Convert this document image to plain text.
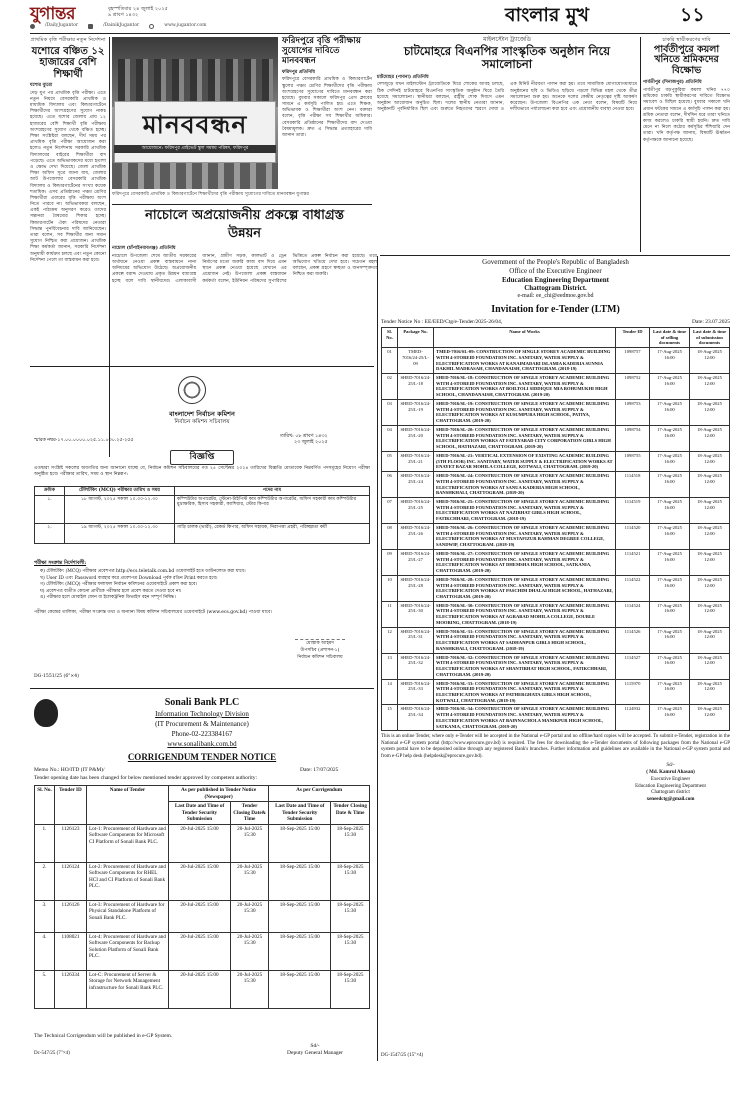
যুগান্তর	বৃহস্পতিবার ২৪ জুলাই ২০২৫
৯ শ্রাবণ ১৪৩২
/DailyJugantor	/DainikJugantor	www.jugantor.com	বাংলার মুখ	১১
প্রাথমিক বৃত্তি পরীক্ষার নতুন নির্দেশনা
যশোরে বঞ্চিত ১২ হাজারের বেশি শিক্ষার্থী
যশোর ব্যুরো
দেড় যুগ পর প্রাথমিক বৃত্তি পরীক্ষা। এতে নতুন নিয়মে বেসরকারি প্রাথমিক ও মাধ্যমিক বিদ্যালয় এবং কিন্ডারগার্টেনে শিক্ষার্থীদের অংশগ্রহণের সুযোগ নাকচ হয়েছে। এতে যশোর জেলায় প্রায় ১২ হাজারের বেশি শিক্ষার্থী বৃত্তি পরীক্ষায় অংশগ্রহণের সুযোগ থেকে বঞ্চিত হচ্ছে। শিক্ষা সংশ্লিষ্টরা বলছেন, দীর্ঘ সময় পর প্রাথমিক বৃত্তি পরীক্ষা আয়োজন করা হলেও নতুন নির্দেশনায় সরকারি প্রাথমিক বিদ্যালয়ের বাইরের শিক্ষার্থীরা বাদ পড়েছে। এতে অভিভাবকদের মধ্যে হতাশা ও ক্ষোভ দেখা দিয়েছে। জেলা প্রাথমিক শিক্ষা অফিস সূত্রে জানা যায়, জেলার আট উপজেলায় বেসরকারি প্রাথমিক বিদ্যালয় ও কিন্ডারগার্টেনের সংখ্যা কয়েক শতাধিক। এসব প্রতিষ্ঠানের পঞ্চম শ্রেণির শিক্ষার্থীরা এবারের বৃত্তি পরীক্ষায় অংশ নিতে পারবে না। অভিভাবকরা বলছেন, একই পাঠ্যক্রম অনুসরণ করেও তাদের সন্তানরা বৈষম্যের শিকার হচ্ছে। কিন্ডারগার্টেন ঐক্য পরিষদের নেতারা সিদ্ধান্ত পুনর্বিবেচনার দাবি জানিয়েছেন। তারা বলেন, সব শিক্ষার্থীর জন্য সমান সুযোগ নিশ্চিত করা প্রয়োজন। প্রাথমিক শিক্ষা কর্মকর্তা জানান, সরকারি নির্দেশনা অনুযায়ী কার্যক্রম চলছে এবং নতুন কোনো নির্দেশনা পেলে তা বাস্তবায়ন করা হবে।
মানববন্ধন
আয়োজনে: ফরিদপুর প্রাইভেট স্কুল সমন্বয় পরিষদ, ফরিদপুর
ফরিদপুরে বৃত্তি পরীক্ষায় সুযোগের দাবিতে মানববন্ধন
ফরিদপুর প্রতিনিধি
ফরিদপুরে বেসরকারি প্রাথমিক ও কিন্ডারগার্টেন স্কুলের পঞ্চম শ্রেণির শিক্ষার্থীদের বৃত্তি পরীক্ষায় অংশগ্রহণের সুযোগের দাবিতে মানববন্ধন করা হয়েছে। বুধবার সকালে ফরিদপুর প্রেস ক্লাবের সামনে এ কর্মসূচি পালিত হয়। এতে শিক্ষক, অভিভাবক ও শিক্ষার্থীরা অংশ নেন। বক্তারা বলেন, বৃত্তি পরীক্ষা সব শিক্ষার্থীর অধিকার। বেসরকারি প্রতিষ্ঠানের শিক্ষার্থীদের বাদ দেওয়া বৈষম্যমূলক। দ্রুত এ সিদ্ধান্ত প্রত্যাহারের দাবি জানান তারা।
ফরিদপুরে বেসরকারি প্রাথমিক ও কিন্ডারগার্টেনে শিক্ষার্থীদের বৃত্তি পরীক্ষায় সুযোগের দাবিতে মানববন্ধন যুগান্তর
মাইলস্টোন ট্র্যাজেডি
চাটমোহরে বিএনপির সাংস্কৃতিক অনুষ্ঠান নিয়ে সমালোচনা
চাটমোহর (পাবনা) প্রতিনিধি
দেশজুড়ে যখন মাইলস্টোন ট্র্যাজেডিকে ঘিরে শোকের আবহ চলছে, ঠিক সেদিনই চাটমোহরে বিএনপির সাংস্কৃতিক অনুষ্ঠান ঘিরে তৈরি হয়েছে সমালোচনা। স্থানীয়রা বলছেন, রাষ্ট্রীয় শোক দিবসে এমন অনুষ্ঠান আয়োজন অনুচিত ছিল। দলের স্থানীয় নেতারা জানান, অনুষ্ঠানটি পূর্বনির্ধারিত ছিল এবং শুরুতে নিহতদের স্মরণে দোয়া ও এক মিনিট নীরবতা পালন করা হয়। তবে সামাজিক যোগাযোগমাধ্যমে অনুষ্ঠানের ছবি ও ভিডিও ছড়িয়ে পড়লে বিভিন্ন মহল থেকে তীব্র সমালোচনা শুরু হয়। অনেকে দলের কেন্দ্রীয় নেতৃত্বের দৃষ্টি আকর্ষণ করেছেন। উপজেলা বিএনপির এক নেতা বলেন, বিষয়টি নিয়ে দলীয়ভাবে পর্যালোচনা করা হবে এবং প্রয়োজনীয় ব্যবস্থা নেওয়া হবে।
চাকরি স্থায়ীকরণের দাবি
পার্বতীপুরে কয়লা খনিতে শ্রমিকদের বিক্ষোভ
পার্বতীপুর (দিনাজপুর) প্রতিনিধি
পার্বতীপুর বড়পুকুরিয়া কয়লা খনির ৭৭০ শ্রমিকের চাকরি স্থায়ীকরণের দাবিতে বিক্ষোভ সমাবেশ ও মিছিল হয়েছে। বুধবার সকালে খনি প্রধান ফটকের সামনে এ কর্মসূচি পালন করা হয়। শ্রমিক নেতারা বলেন, দীর্ঘদিন ধরে তারা খনিতে কাজ করলেও চাকরি স্থায়ী হয়নি। দ্রুত দাবি মেনে না নিলে কঠোর কর্মসূচির হুঁশিয়ারি দেন তারা। খনি কর্তৃপক্ষ জানায়, বিষয়টি ঊর্ধ্বতন কর্তৃপক্ষকে জানানো হয়েছে।
নাচোলে অপ্রয়োজনীয় প্রকল্পে বাধাগ্রস্ত উন্নয়ন
নাচোল (চাঁপাইনবাবগঞ্জ) প্রতিনিধি
নাচোলে উপজেলা শেষে জাতীয় সরকারের অর্থায়নে নেওয়া প্রকল্প বাস্তবায়নে নানা অনিয়মের অভিযোগ উঠেছে। অপ্রয়োজনীয় প্রকল্পে বরাদ্দ দেওয়ায় প্রকৃত উন্নয়ন বাধাগ্রস্ত হচ্ছে বলে দাবি স্থানীয়দের। এলাকাবাসী জানান, গ্রামীণ সড়ক, কালভার্ট ও ড্রেন নির্মাণের মতো জরুরি কাজ বাদ দিয়ে এমন স্থানে প্রকল্প নেওয়া হয়েছে যেখানে এর প্রয়োজন নেই। উপজেলা প্রকল্প বাস্তবায়ন কর্মকর্তা বলেন, ইউনিয়ন পরিষদের সুপারিশের ভিত্তিতে প্রকল্প নির্বাচন করা হয়েছে। তবে অভিযোগ খতিয়ে দেখা হবে। সচেতন মহল বলছেন, প্রকল্প গ্রহণে স্বচ্ছতা ও জনসম্পৃক্ততা নিশ্চিত করা জরুরি।
বাংলাদেশ নির্বাচন কমিশন
নির্বাচন কমিশন সচিবালয়
স্মারক নম্বর-১৭.০০.০০০০.০২৫.১১.০৩০.২৫-২৫৫
তারিখ: ০৮ শ্রাবণ ১৪৩২
২৩ জুলাই ২০২৫
বিজ্ঞপ্তি
এতদ্বারা সংশ্লিষ্ট সকলের অবগতির জন্য জানানো যাচ্ছে যে, নির্বাচন কমিশন সচিবালয়ের গত ২৫ সেপ্টেম্বর ২০২৪ তারিখের বিজ্ঞপ্তি মোতাবেক নিম্নবর্ণিত পদসমূহের নিয়োগ পরীক্ষা অনুষ্ঠিত হবে। পরীক্ষার তারিখ, সময় ও স্থান নিম্নরূপ:
ক্রমিক	টেলিটকিং (MCQ) পরীক্ষার তারিখ ও সময়	পদের নাম
১.	১৮ আগস্ট, ২০২৫ সকাল ১০.৩০-১২.৩০	কম্পিউটার অপারেটর, স্টেনো-টাইপিস্ট কাম কম্পিউটার অপারেটর, অফিস সহকারী কাম কম্পিউটার মুদ্রাক্ষরিক, হিসাব সহকারী, ক্যাশিয়ার, স্টোর কিপার
২.	১৯ আগস্ট, ২০২৫ সকাল ১০.৩০-১২.৩০	গাড়ি চালক (ভারী), রেকর্ড কিপার, অফিস সহায়ক, নিরাপত্তা প্রহরী, পরিচ্ছন্নতা কর্মী
পরীক্ষা সংক্রান্ত নির্দেশাবলী:
ক) টেলিটকিং (MCQ) পরীক্ষার প্রবেশপত্র http://ecs.teletalk.com.bd ওয়েবসাইট হতে ডাউনলোড করা যাবে।
খ) User ID এবং Password ব্যবহার করে প্রবেশপত্র Download পূর্বক রঙিন Print করতে হবে।
গ) টেলিটকিং (MCQ) পরীক্ষার ফলাফল নির্বাচন কমিশনের ওয়েবসাইটে প্রকাশ করা হবে।
ঘ) প্রবেশপত্র ব্যতীত কোনো প্রার্থীকে পরীক্ষার হলে প্রবেশ করতে দেওয়া হবে না।
ঙ) পরীক্ষার হলে মোবাইল ফোন বা ইলেকট্রনিক ডিভাইস বহন সম্পূর্ণ নিষিদ্ধ।
পরীক্ষা কেন্দ্রের তালিকা, পরীক্ষা সংক্রান্ত তথ্য ও অন্যান্য বিষয় কমিশন সচিবালয়ের ওয়েবসাইটে (www.ecs.gov.bd) পাওয়া যাবে।
মোস্তাক আহমদ
উপসচিব (প্রশাসন-১)
নির্বাচন কমিশন সচিবালয়
DG-1551/25 (6"×4)
Sonali Bank PLC
Information Technology Division
(IT Procurement & Maintenance)
Phone-02-223384167
www.sonalibank.com.bd
CORRIGENDUM TENDER NOTICE
Memo No.: HO/ITD (IT P&M)/	Date: 17/07/2025
Tender opening date has been changed for below mentioned tender approved by competent authority:
Sl. No.	Tender ID	Name of Tender	As per published in Tender Notice (Newspaper)		As per Corrigendum	
			Last Date and Time of Tender Security Submission	Tender Closing Date& Time	Last Date and Time of Tender Security Submission	Tender Closing Date & Time
1.	1126123	Lot-1: Procurement of Hardware and Software Components for Microsoft CI Platform of Sonali Bank PLC.	20-Jul-2025 15:00	20-Jul-2025 15:30	18-Sep-2025 15:00	18-Sep-2025 15:30
2.	1126124	Lot-2: Procurement of Hardware and Software Components for RHEL HCI and CI Platform of Sonali Bank PLC.	20-Jul-2025 15:00	20-Jul-2025 15:30	18-Sep-2025 15:00	18-Sep-2025 15:30
3.	1126126	Lot-3: Procurement of Hardware for Physical Standalone Platform of Sonali Bank PLC.	20-Jul-2025 15:00	20-Jul-2025 15:30	18-Sep-2025 15:00	18-Sep-2025 15:30
4.	1108021	Lot-4: Procurement of Hardware and Software Components for Backup Solution Platform of Sonali Bank PLC.	20-Jul-2025 15:00	20-Jul-2025 15:30	18-Sep-2025 15:00	18-Sep-2025 15:30
5.	1126334	Lot-C: Procurement of Server & Storage for Network Management infrastructure for Sonali Bank PLC.	20-Jul-2025 15:00	20-Jul-2025 15:30	18-Sep-2025 15:00	18-Sep-2025 15:30
The Technical Corrigendum will be published in e-GP System.
Sd/-
Deputy General Manager
Dc-547/25 (7"×4)
Government of the People's Republic of Bangladesh
Office of the Executive Engineer
Education Engineering Department
Chattogram District.
e-mail: ee_chi@eedmoe.gov.bd
Invitation for e-Tender (LTM)
Tender Notice No : EE/EED/Ctg/e-Tender/2025-26/04,	Date: 23.07.2025
Sl. No.	Package No.	Name of Works	Tender ID	Last date & time of selling documents	Last date & time of submission documents
01	TMED-7016/24-25/L-09	TMED-7016/SL-09: CONSTRUCTION OF SINGLE STOREY ACADEMIC BUILDING WITH 4-STOREID FOUNDATION INC. SANITARY, WATER SUPPLY & ELECTRIFICATION WORKS AT KANAIMADARI ISLAMIA KADERIA SUNNIA DAKHIL MADRASAH, CHANDANAISH, CHATTOGRAM. (2018-19)	1098757	17-Aug-2025 16:00	18-Aug-2025 12:00
02	SHED-7016/24-25/L-18	SHED-7016/SL-18: CONSTRUCTION OF SINGLE STOREY ACADEMIC BUILDING WITH 4-STOREID FOUNDATION INC. SANITARY, WATER SUPPLY & ELECTRIFICATION WORKS AT BOILTOLI SIDDIQUE MIA BOHUMUKHI HIGH SCHOOL, CHANDANAISH, CHATTOGRAM. (2019-20)	1098752	17-Aug-2025 16:00	18-Aug-2025 12:00
03	SHED-7016/24-25/L-19	SHED-7016/SL-19: CONSTRUCTION OF SINGLE STOREY ACADEMIC BUILDING WITH 4-STOREID FOUNDATION INC. SANITARY, WATER SUPPLY & ELECTRIFICATION WORKS AT KUSUMPURA HIGH SCHOOL, PATIYA, CHATTOGRAM. (2019-20)	1098753	17-Aug-2025 16:00	18-Aug-2025 12:00
04	SHED-7016/24-25/L-20	SHED-7016/SL-20: CONSTRUCTION OF SINGLE STOREY ACADEMIC BUILDING WITH 4-STOREID FOUNDATION INC. SANITARY, WATER SUPPLY & ELECTRIFICATION WORKS AT FATEYABAD CITY CORPORATION GIRLS HIGH SCHOOL, HATHAZARI, CHATTOGRAM. (2019-20)	1098754	17-Aug-2025 16:00	18-Aug-2025 12:00
05	SHED-7016/24-25/L-21	SHED-7016/SL-21: VERTICAL EXTENSION OF EXISTING ACADEMIC BUILDING (5TH FLOOR) INC. SANITARY, WATER SUPPLY & ELECTRIFICATION WORKS AT ENAYET BAZAR MOHILA COLLEGE, KOTWALI, CHATTOGRAM. (2019-20)	1098755	17-Aug-2025 16:00	18-Aug-2025 12:00
06	SHED-7016/24-25/L-24	SHED-7016/SL-24: CONSTRUCTION OF SINGLE STOREY ACADEMIC BUILDING WITH 4-STOREID FOUNDATION INC. SANITARY, WATER SUPPLY & ELECTRIFICATION WORKS AT SANUA KADERIA HIGH SCHOOL, BANSHKHALI, CHATTOGRAM. (2019-20)	1114518	17-Aug-2025 16:00	18-Aug-2025 12:00
07	SHED-7016/24-25/L-25	SHED-7016/SL-25: CONSTRUCTION OF SINGLE STOREY ACADEMIC BUILDING WITH 4-STOREID FOUNDATION INC. SANITARY, WATER SUPPLY & ELECTRIFICATION WORKS AT NAZIRHAT GIRLS HIGH SCHOOL, FATIKCHHARI, CHATTOGRAM. (2018-19)	1114519	17-Aug-2025 16:00	18-Aug-2025 12:00
08	SHED-7016/24-25/L-26	SHED-7016/SL-26: CONSTRUCTION OF SINGLE STOREY ACADEMIC BUILDING WITH 4-STOREID FOUNDATION INC. SANITARY, WATER SUPPLY & ELECTRIFICATION WORKS AT MUSTAFIZUR RAHMAN DEGREE COLLEGE, SANDWIP, CHATTOGRAM. (2018-19)	1114520	17-Aug-2025 16:00	18-Aug-2025 12:00
09	SHED-7016/24-25/L-27	SHED-7016/SL-27: CONSTRUCTION OF SINGLE STOREY ACADEMIC BUILDING WITH 4-STOREID FOUNDATION INC. SANITARY, WATER SUPPLY & ELECTRIFICATION WORKS AT DHEMSHA HIGH SCHOOL, SATKANIA, CHATTOGRAM. (2019-20)	1114521	17-Aug-2025 16:00	18-Aug-2025 12:00
10	SHED-7016/24-25/L-28	SHED-7016/SL-28: CONSTRUCTION OF SINGLE STOREY ACADEMIC BUILDING WITH 4-STOREID FOUNDATION INC. SANITARY, WATER SUPPLY & ELECTRIFICATION WORKS AT PASCHIM DHALAI HIGH SCHOOL, HATHAZARI, CHATTOGRAM. (2019-20)	1114522	17-Aug-2025 16:00	18-Aug-2025 12:00
11	SHED-7016/24-25/L-30	SHED-7016/SL-30: CONSTRUCTION OF SINGLE STOREY ACADEMIC BUILDING WITH 4-STOREID FOUNDATION INC. SANITARY, WATER SUPPLY & ELECTRIFICATION WORKS AT AGRABAD MOHILA COLLEGE, DOUBLE MOORING, CHATTOGRAM. (2018-19)	1114524	17-Aug-2025 16:00	18-Aug-2025 12:00
12	SHED-7016/24-25/L-31	SHED-7016/SL-31: CONSTRUCTION OF SINGLE STOREY ACADEMIC BUILDING WITH 4-STOREID FOUNDATION INC. SANITARY, WATER SUPPLY & ELECTRIFICATION WORKS AT SADHANPUR GIRLS HIGH SCHOOL, BANSHKHALI, CHATTOGRAM. (2018-19)	1114526	17-Aug-2025 16:00	18-Aug-2025 12:00
13	SHED-7016/24-25/L-32	SHED-7016/SL-32: CONSTRUCTION OF SINGLE STOREY ACADEMIC BUILDING WITH 4-STOREID FOUNDATION INC. SANITARY, WATER SUPPLY & ELECTRIFICATION WORKS AT SHANTIRHAT HIGH SCHOOL, FATIKCHHARI, CHATTOGRAM. (2019-20)	1114527	17-Aug-2025 16:00	18-Aug-2025 12:00
14	SHED-7016/24-25/L-33	SHED-7016/SL-33: CONSTRUCTION OF SINGLE STOREY ACADEMIC BUILDING WITH 4-STOREID FOUNDATION INC. SANITARY, WATER SUPPLY & ELECTRIFICATION WORKS AT PATHERGHATA GIRLS HIGH SCHOOL, KOTWALI, CHATTOGRAM. (2018-19)	1115970	17-Aug-2025 16:00	18-Aug-2025 12:00
15	SHED-7016/24-25/L-34	SHED-7016/SL-34: CONSTRUCTION OF SINGLE STOREY ACADEMIC BUILDING WITH 4-STOREID FOUNDATION INC. SANITARY, WATER SUPPLY & ELECTRIFICATION WORKS AT BAINNACHOLA MANIKPUR HIGH SCHOOL, SATKANIA, CHATTOGRAM. (2019-20)	1124932	17-Aug-2025 16:00	18-Aug-2025 12:00
This is an online Tender, where only e-Tender will be accepted in the National e-GP portal and no offline/hard copies will be accepted. To submit e-Tender, registration in the National e-GP system portal (http://www.eprocure.gov.bd) is required. The fees for downloading the e-Tender documents of following packages from the National e-GP system portal have to be deposited online through any registered Bank's branches. Further information and guidelines are available in the National e-GP system portal and from e-GP help desk (helpdesk@eprocure.gov.bd).
Sd/-
( Md. Kamrul Ahasan)
Executive Engineer
Education Engineering Department
Chattogram district
xeneedctg@gmail.com
DG-1547/25 (15"×4)
